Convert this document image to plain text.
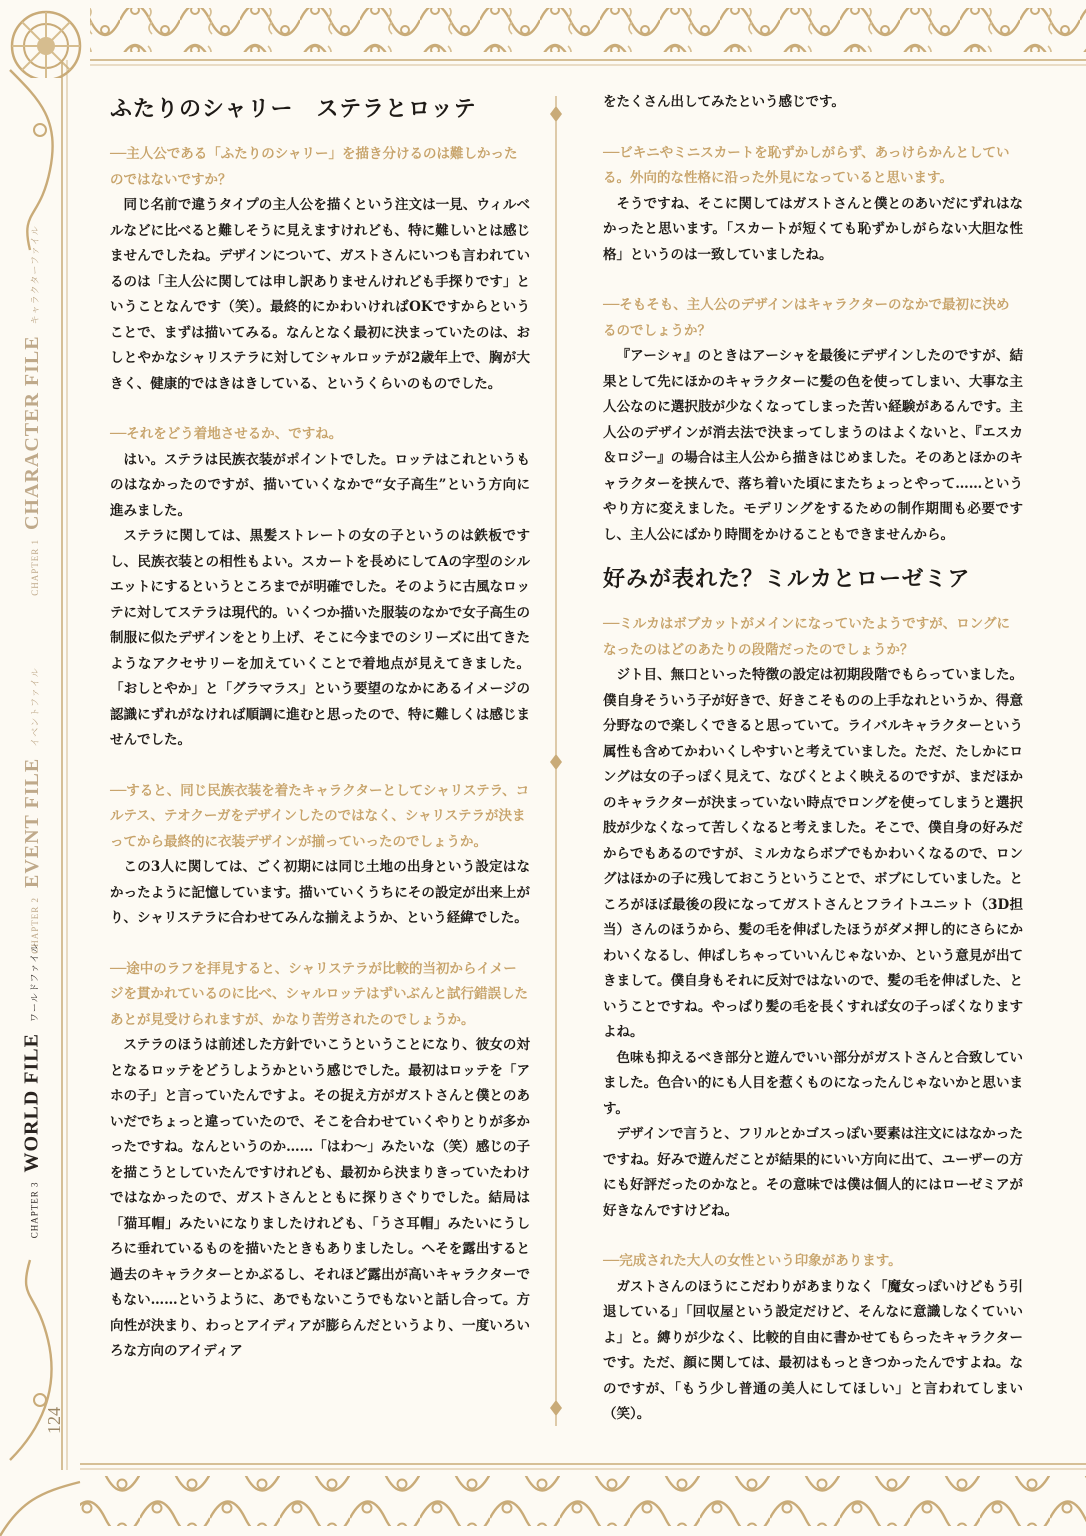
CHAPTER 1 CHARACTER FILE キャラクターファイル
CHAPTER 2 EVENT FILE イベントファイル
CHAPTER 3 WORLD FILE ワールドファイル
124
ふたりのシャリー　ステラとロッテ

──主人公である「ふたりのシャリー」を描き分けるのは難しかったのではないですか？

同じ名前で違うタイプの主人公を描くという注文は一見、ウィルベルなどに比べると難しそうに見えますけれども、特に難しいとは感じませんでしたね。デザインについて、ガストさんにいつも言われているのは「主人公に関しては申し訳ありませんけれども手探りです」ということなんです（笑）。最終的にかわいければOKですからということで、まずは描いてみる。なんとなく最初に決まっていたのは、おしとやかなシャリステラに対してシャルロッテが2歳年上で、胸が大きく、健康的ではきはきしている、というくらいのものでした。

──それをどう着地させるか、ですね。

はい。ステラは民族衣装がポイントでした。ロッテはこれというものはなかったのですが、描いていくなかで“女子高生”という方向に進みました。

ステラに関しては、黒髪ストレートの女の子というのは鉄板ですし、民族衣装との相性もよい。スカートを長めにしてAの字型のシルエットにするというところまでが明確でした。そのように古風なロッテに対してステラは現代的。いくつか描いた服装のなかで女子高生の制服に似たデザインをとり上げ、そこに今までのシリーズに出てきたようなアクセサリーを加えていくことで着地点が見えてきました。「おしとやか」と「グラマラス」という要望のなかにあるイメージの認識にずれがなければ順調に進むと思ったので、特に難しくは感じませんでした。

──すると、同じ民族衣装を着たキャラクターとしてシャリステラ、コルテス、テオクーガをデザインしたのではなく、シャリステラが決まってから最終的に衣装デザインが揃っていったのでしょうか。

この3人に関しては、ごく初期には同じ土地の出身という設定はなかったように記憶しています。描いていくうちにその設定が出来上がり、シャリステラに合わせてみんな揃えようか、という経緯でした。

──途中のラフを拝見すると、シャリステラが比較的当初からイメージを貫かれているのに比べ、シャルロッテはずいぶんと試行錯誤したあとが見受けられますが、かなり苦労されたのでしょうか。

ステラのほうは前述した方針でいこうということになり、彼女の対となるロッテをどうしようかという感じでした。最初はロッテを「アホの子」と言っていたんですよ。その捉え方がガストさんと僕とのあいだでちょっと違っていたので、そこを合わせていくやりとりが多かったですね。なんというのか……「はわ～」みたいな（笑）感じの子を描こうとしていたんですけれども、最初から決まりきっていたわけではなかったので、ガストさんとともに探りさぐりでした。結局は「猫耳帽」みたいになりましたけれども、「うさ耳帽」みたいにうしろに垂れているものを描いたときもありましたし。へそを露出すると過去のキャラクターとかぶるし、それほど露出が高いキャラクターでもない……というように、あでもないこうでもないと話し合って。方向性が決まり、わっとアイディアが膨らんだというより、一度いろいろな方向のアイディア

をたくさん出してみたという感じです。

──ビキニやミニスカートを恥ずかしがらず、あっけらかんとしている。外向的な性格に沿った外見になっていると思います。

そうですね、そこに関してはガストさんと僕とのあいだにずれはなかったと思います。「スカートが短くても恥ずかしがらない大胆な性格」というのは一致していましたね。

──そもそも、主人公のデザインはキャラクターのなかで最初に決めるのでしょうか？

『アーシャ』のときはアーシャを最後にデザインしたのですが、結果として先にほかのキャラクターに髪の色を使ってしまい、大事な主人公なのに選択肢が少なくなってしまった苦い経験があるんです。主人公のデザインが消去法で決まってしまうのはよくないと、『エスカ＆ロジー』の場合は主人公から描きはじめました。そのあとほかのキャラクターを挟んで、落ち着いた頃にまたちょっとやって……というやり方に変えました。モデリングをするための制作期間も必要ですし、主人公にばかり時間をかけることもできませんから。

好みが表れた？ミルカとローゼミア

──ミルカはボブカットがメインになっていたようですが、ロングになったのはどのあたりの段階だったのでしょうか？

ジト目、無口といった特徴の設定は初期段階でもらっていました。僕自身そういう子が好きで、好きこそものの上手なれというか、得意分野なので楽しくできると思っていて。ライバルキャラクターという属性も含めてかわいくしやすいと考えていました。ただ、たしかにロングは女の子っぽく見えて、なびくとよく映えるのですが、まだほかのキャラクターが決まっていない時点でロングを使ってしまうと選択肢が少なくなって苦しくなると考えました。そこで、僕自身の好みだからでもあるのですが、ミルカならボブでもかわいくなるので、ロングはほかの子に残しておこうということで、ボブにしていました。ところがほぼ最後の段になってガストさんとフライトユニット（3D担当）さんのほうから、髪の毛を伸ばしたほうがダメ押し的にさらにかわいくなるし、伸ばしちゃっていいんじゃないか、という意見が出てきまして。僕自身もそれに反対ではないので、髪の毛を伸ばした、ということですね。やっぱり髪の毛を長くすれば女の子っぽくなりますよね。

色味も抑えるべき部分と遊んでいい部分がガストさんと合致していました。色合い的にも人目を惹くものになったんじゃないかと思います。

デザインで言うと、フリルとかゴスっぽい要素は注文にはなかったですね。好みで遊んだことが結果的にいい方向に出て、ユーザーの方にも好評だったのかなと。その意味では僕は個人的にはローゼミアが好きなんですけどね。

──完成された大人の女性という印象があります。

ガストさんのほうにこだわりがあまりなく「魔女っぽいけどもう引退している」「回収屋という設定だけど、そんなに意識しなくていいよ」と。縛りが少なく、比較的自由に書かせてもらったキャラクターです。ただ、顔に関しては、最初はもっときつかったんですよね。なのですが、「もう少し普通の美人にしてほしい」と言われてしまい（笑）。
